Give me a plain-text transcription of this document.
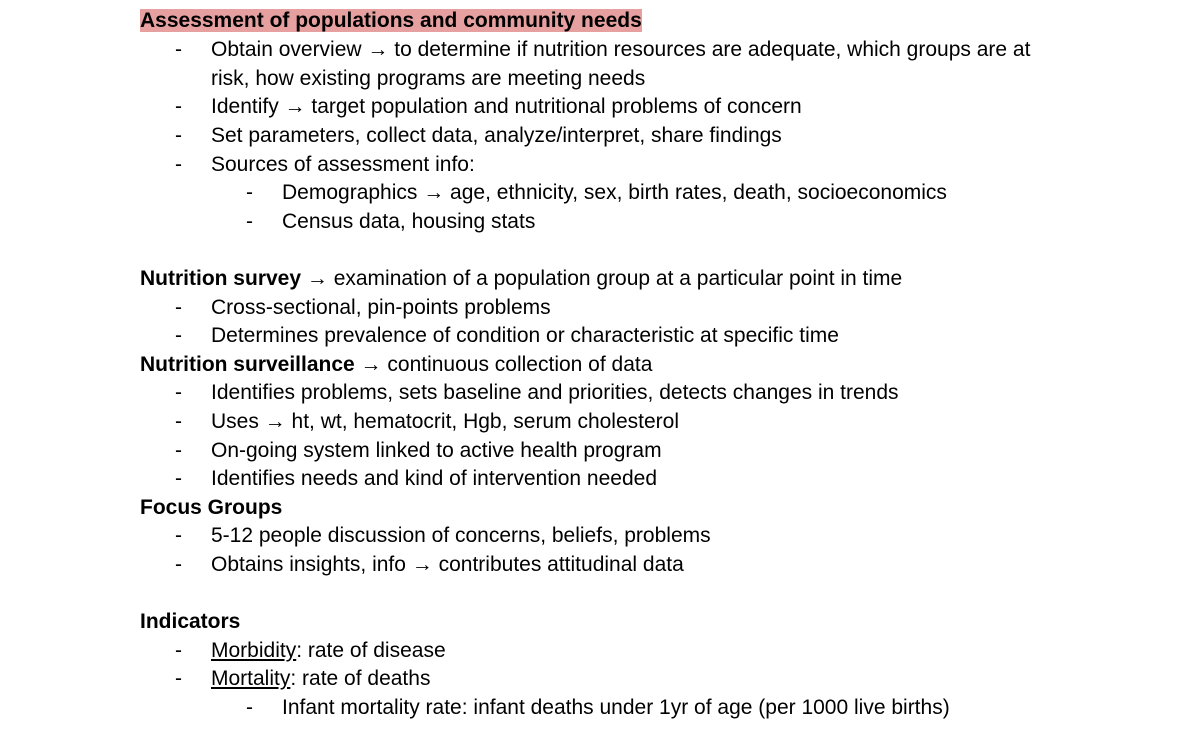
Assessment of populations and community needs
- Obtain overview → to determine if nutrition resources are adequate, which groups are at
risk, how existing programs are meeting needs
- Identify → target population and nutritional problems of concern
- Set parameters, collect data, analyze/interpret, share findings
- Sources of assessment info:
- Demographics → age, ethnicity, sex, birth rates, death, socioeconomics
- Census data, housing stats
Nutrition survey → examination of a population group at a particular point in time
- Cross-sectional, pin-points problems
- Determines prevalence of condition or characteristic at specific time
Nutrition surveillance → continuous collection of data
- Identifies problems, sets baseline and priorities, detects changes in trends
- Uses → ht, wt, hematocrit, Hgb, serum cholesterol
- On-going system linked to active health program
- Identifies needs and kind of intervention needed
Focus Groups
- 5-12 people discussion of concerns, beliefs, problems
- Obtains insights, info → contributes attitudinal data
Indicators
- Morbidity: rate of disease
- Mortality: rate of deaths
- Infant mortality rate: infant deaths under 1yr of age (per 1000 live births)
